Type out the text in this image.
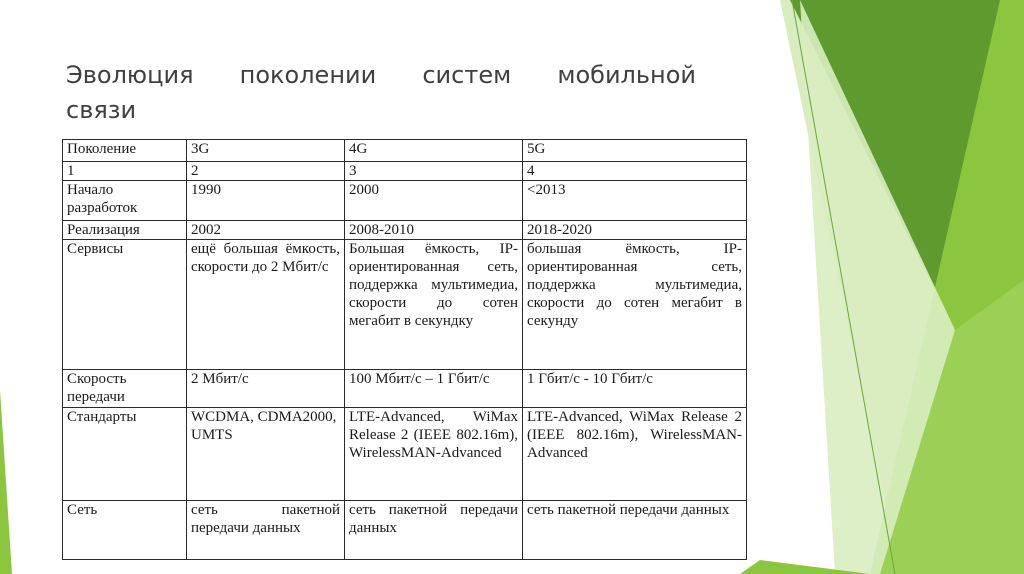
Эволюция поколении систем мобильной
связи
Поколение	3G	4G	5G
1	2	3	4
Начало разработок	1990	2000	<2013
Реализация	2002	2008-2010	2018-2020
Сервисы	ещё большая ёмкость, скорости до 2 Мбит/с	Большая ёмкость, IP-ориентированная сеть, поддержка мультимедиа, скорости до сотен мегабит в секундку	большая ёмкость, IP-ориентированная сеть, поддержка мультимедиа, скорости до сотен мегабит в секунду
Скорость передачи	2 Мбит/с	100 Мбит/с – 1 Гбит/с	1 Гбит/с - 10 Гбит/с
Стандарты	WCDMA, CDMA2000, UMTS	LTE-Advanced, WiMax Release 2 (IEEE 802.16m), WirelessMAN-Advanced	LTE-Advanced, WiMax Release 2 (IEEE 802.16m), WirelessMAN-Advanced
Сеть	сеть пакетной передачи данных	сеть пакетной передачи данных	сеть пакетной передачи данных
